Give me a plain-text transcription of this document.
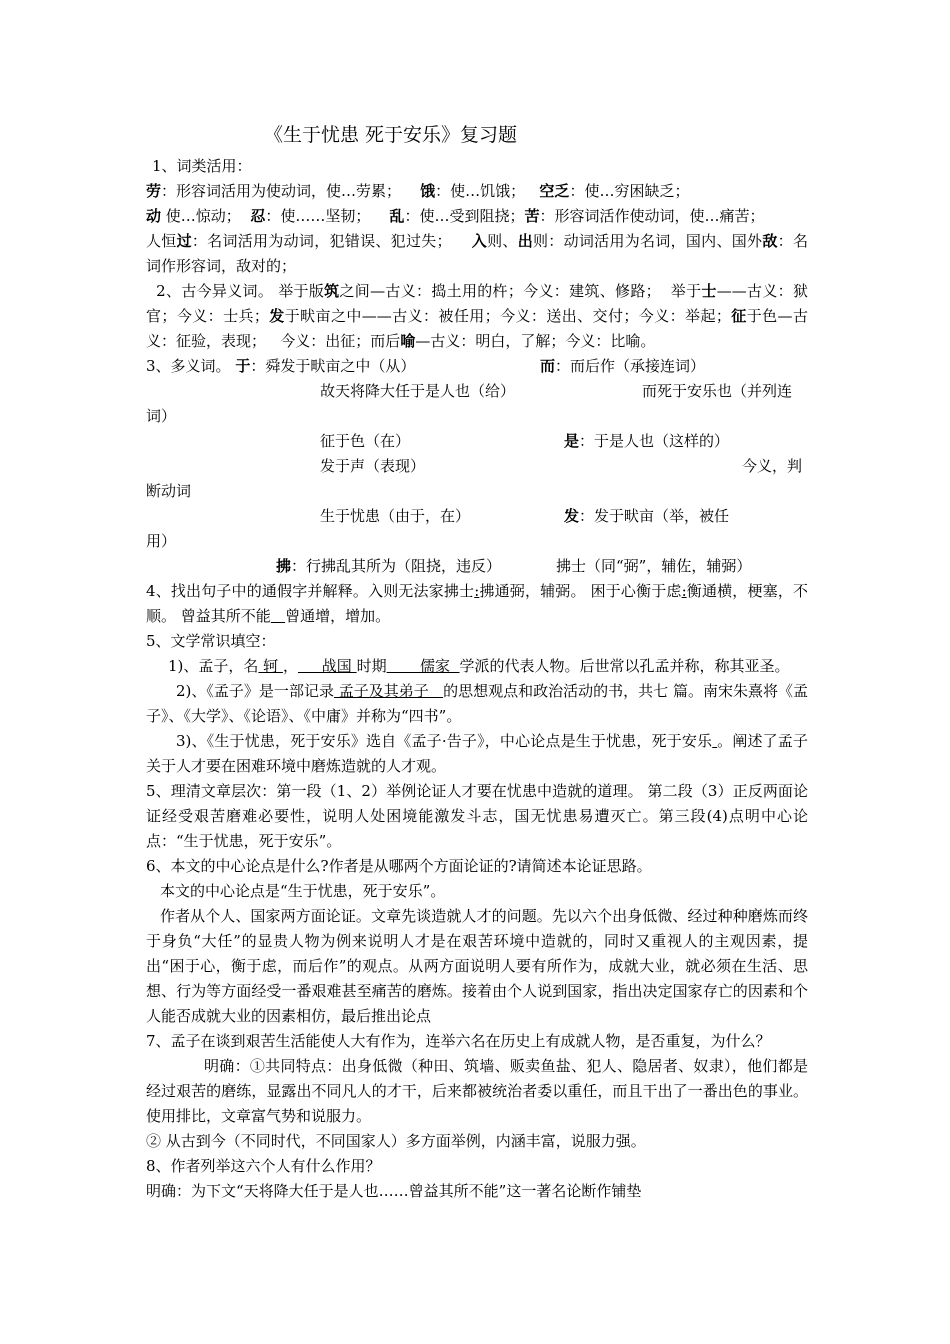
《生于忧患 死于安乐》复习题
1、词类活用：
劳：形容词活用为使动词，使…劳累；    饿：使…饥饿；   空乏：使…穷困缺乏；
动 使…惊动；  忍：使……坚韧；    乱：使…受到阻挠；苦：形容词活作使动词，使…痛苦；
人恒过：名词活用为动词，犯错误、犯过失；    入则、出则：动词活用为名词，国内、国外敌：名词作形容词，敌对的；
2、古今异义词。 举于版筑之间—古义：捣土用的杵；今义：建筑、修路；  举于士——古义：狱官；今义：士兵；发于畎亩之中——古义：被任用；今义：送出、交付；今义：举起；征于色—古义：征验，表现；   今义：出征；而后喻—古义：明白，了解；今义：比喻。
3、多义词。 于：舜发于畎亩之中（从）	而：而后作（承接连词）
故天将降大任于是人也（给）	而死于安乐也（并列连
词）
征于色（在）	是：于是人也（这样的）
发于声（表现）	今义，判
断动词
生于忧患（由于，在）	发：发于畎亩（举，被任
用）
拂：行拂乱其所为（阻挠，违反）	拂士（同“弼”，辅佐，辅弼）
4、找出句子中的通假字并解释。入则无法家拂士:拂通弼，辅弼。 困于心衡于虑:衡通横，梗塞，不顺。 曾益其所不能 曾通增，增加。
5、文学常识填空：
1)、孟子，名 轲 ，     战国 时期       儒家  学派的代表人物。后世常以孔孟并称，称其亚圣。
2)、《孟子》是一部记录 孟子及其弟子   的思想观点和政治活动的书，共七 篇。南宋朱熹将《孟子》、《大学》、《论语》、《中庸》并称为“四书”。
3)、《生于忧患，死于安乐》选自《孟子·告子》，中心论点是生于忧患，死于安乐 。阐述了孟子关于人才要在困难环境中磨炼造就的人才观。
5、理清文章层次：第一段（1、2）举例论证人才要在忧患中造就的道理。 第二段（3）正反两面论证经受艰苦磨难必要性，说明人处困境能激发斗志，国无忧患易遭灭亡。第三段(4)点明中心论点：“生于忧患，死于安乐”。
6、本文的中心论点是什么?作者是从哪两个方面论证的?请简述本论证思路。
本文的中心论点是“生于忧患，死于安乐”。
作者从个人、国家两方面论证。文章先谈造就人才的问题。先以六个出身低微、经过种种磨炼而终于身负“大任”的显贵人物为例来说明人才是在艰苦环境中造就的，同时又重视人的主观因素，提出“困于心，衡于虑，而后作”的观点。从两方面说明人要有所作为，成就大业，就必须在生活、思想、行为等方面经受一番艰难甚至痛苦的磨炼。接着由个人说到国家，指出决定国家存亡的因素和个人能否成就大业的因素相仿，最后推出论点
7、孟子在谈到艰苦生活能使人大有作为，连举六名在历史上有成就人物，是否重复，为什么？
明确：①共同特点：出身低微（种田、筑墙、贩卖鱼盐、犯人、隐居者、奴隶），他们都是经过艰苦的磨练，显露出不同凡人的才干，后来都被统治者委以重任，而且干出了一番出色的事业。使用排比，文章富气势和说服力。
② 从古到今（不同时代，不同国家人）多方面举例，内涵丰富，说服力强。
8、作者列举这六个人有什么作用？
明确：为下文“天将降大任于是人也……曾益其所不能”这一著名论断作铺垫
